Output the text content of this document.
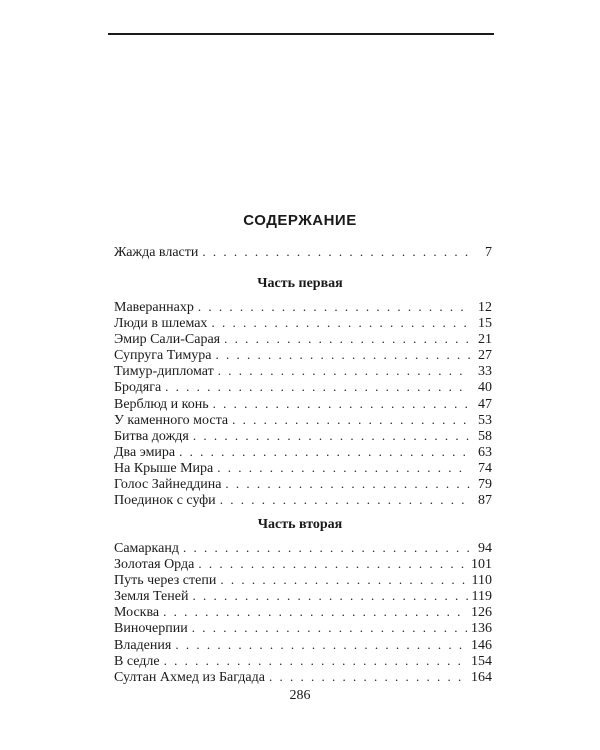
СОДЕРЖАНИЕ
Жажда власти . . .	7
Часть первая
Мавераннахр . . .	12
Люди в шлемах . . .	15
Эмир Сали-Сарая . . .	21
Супруга Тимура . . .	27
Тимур-дипломат . . .	33
Бродяга . . .	40
Верблюд и конь . . .	47
У каменного моста . . .	53
Битва дождя . . .	58
Два эмира . . .	63
На Крыше Мира . . .	74
Голос Зайнеддина . . .	79
Поединок с суфи . . .	87
Часть вторая
Самарканд . . .	94
Золотая Орда . . .	101
Путь через степи . . .	110
Земля Теней . . .	119
Москва . . .	126
Виночерпии . . .	136
Владения . . .	146
В седле . . .	154
Султан Ахмед из Багдада . . .	164
286
